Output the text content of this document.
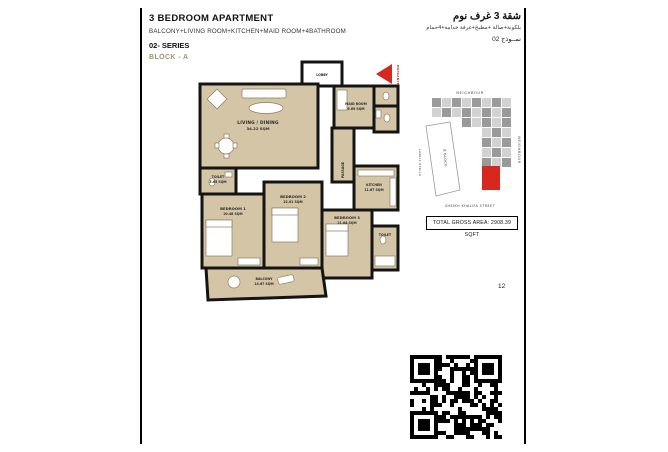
3 BEDROOM APARTMENT
BALCONY+LIVING ROOM+KITCHEN+MAID ROOM+4BATHROOM
02- SERIES
BLOCK - A
شقة 3 غرف نوم
بلكونة+صالة +مطبخ+غرفة خدامة+4حمام
نمــوذج 02
LOBBY
LIVING / DINING
34.22 SQM
MAID ROOM
6.69 SQM
PASSAGE
TOILET
3.65 SQM
KITCHEN
11.67 SQM
BEDROOM 1
20.48 SQM
BEDROOM 2
22.01 SQM
BEDROOM 3
21.04 SQM
TOILET
BALCONY
14.67 SQM
ENTRANCE
NEIGHBOUR
B BLOCK	NEIGHBOUR
ETIHAD STREET
SHEIKH KHALIFA STREET
TOTAL GROSS AREA: 2908.39 SQFT
12
